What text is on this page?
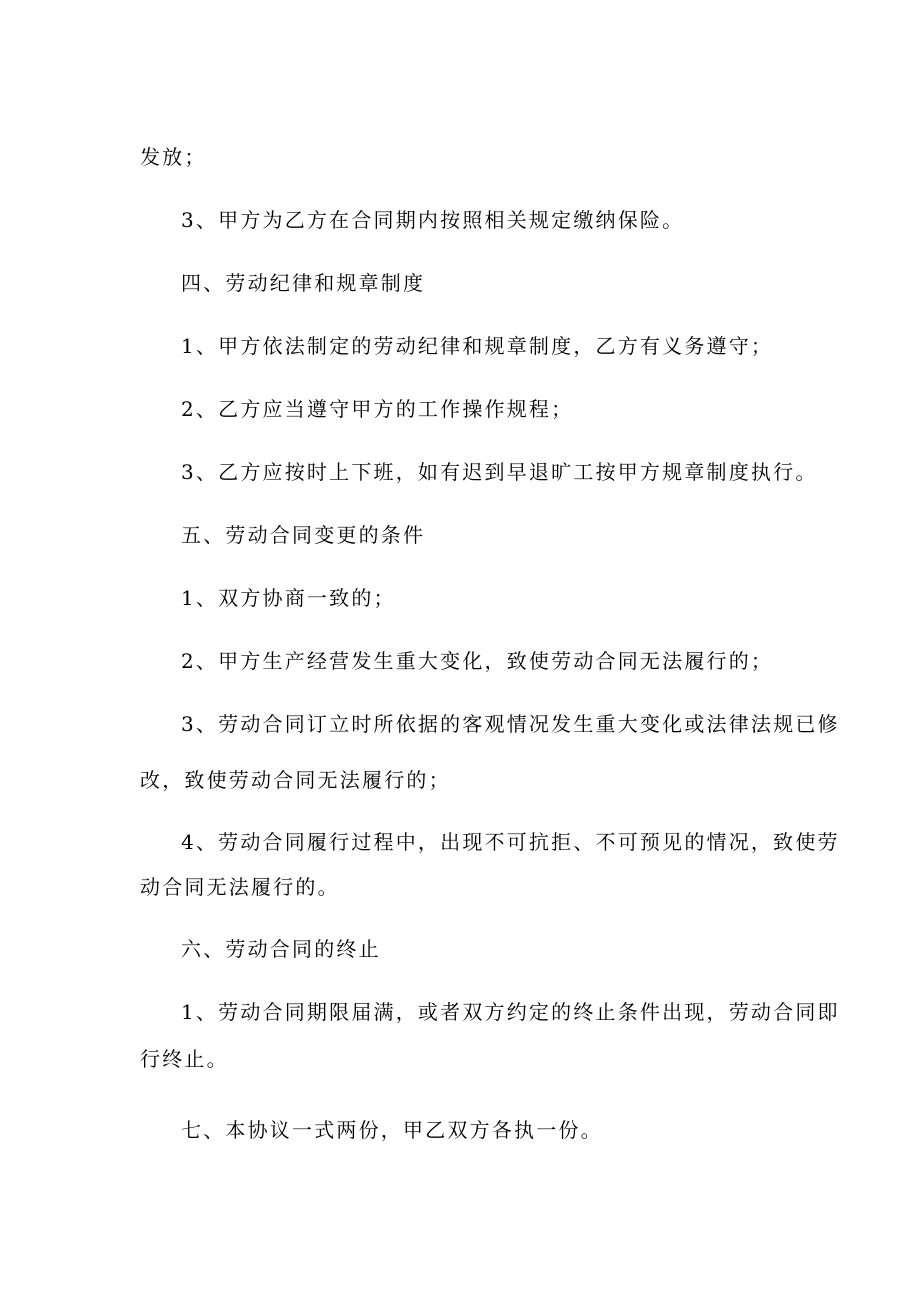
发放；
3、甲方为乙方在合同期内按照相关规定缴纳保险。
四、劳动纪律和规章制度
1、甲方依法制定的劳动纪律和规章制度，乙方有义务遵守；
2、乙方应当遵守甲方的工作操作规程；
3、乙方应按时上下班，如有迟到早退旷工按甲方规章制度执行。
五、劳动合同变更的条件
1、双方协商一致的；
2、甲方生产经营发生重大变化，致使劳动合同无法履行的；
3、劳动合同订立时所依据的客观情况发生重大变化或法律法规已修
改，致使劳动合同无法履行的；
4、劳动合同履行过程中，出现不可抗拒、不可预见的情况，致使劳
动合同无法履行的。
六、劳动合同的终止
1、劳动合同期限届满，或者双方约定的终止条件出现，劳动合同即
行终止。
七、本协议一式两份，甲乙双方各执一份。
